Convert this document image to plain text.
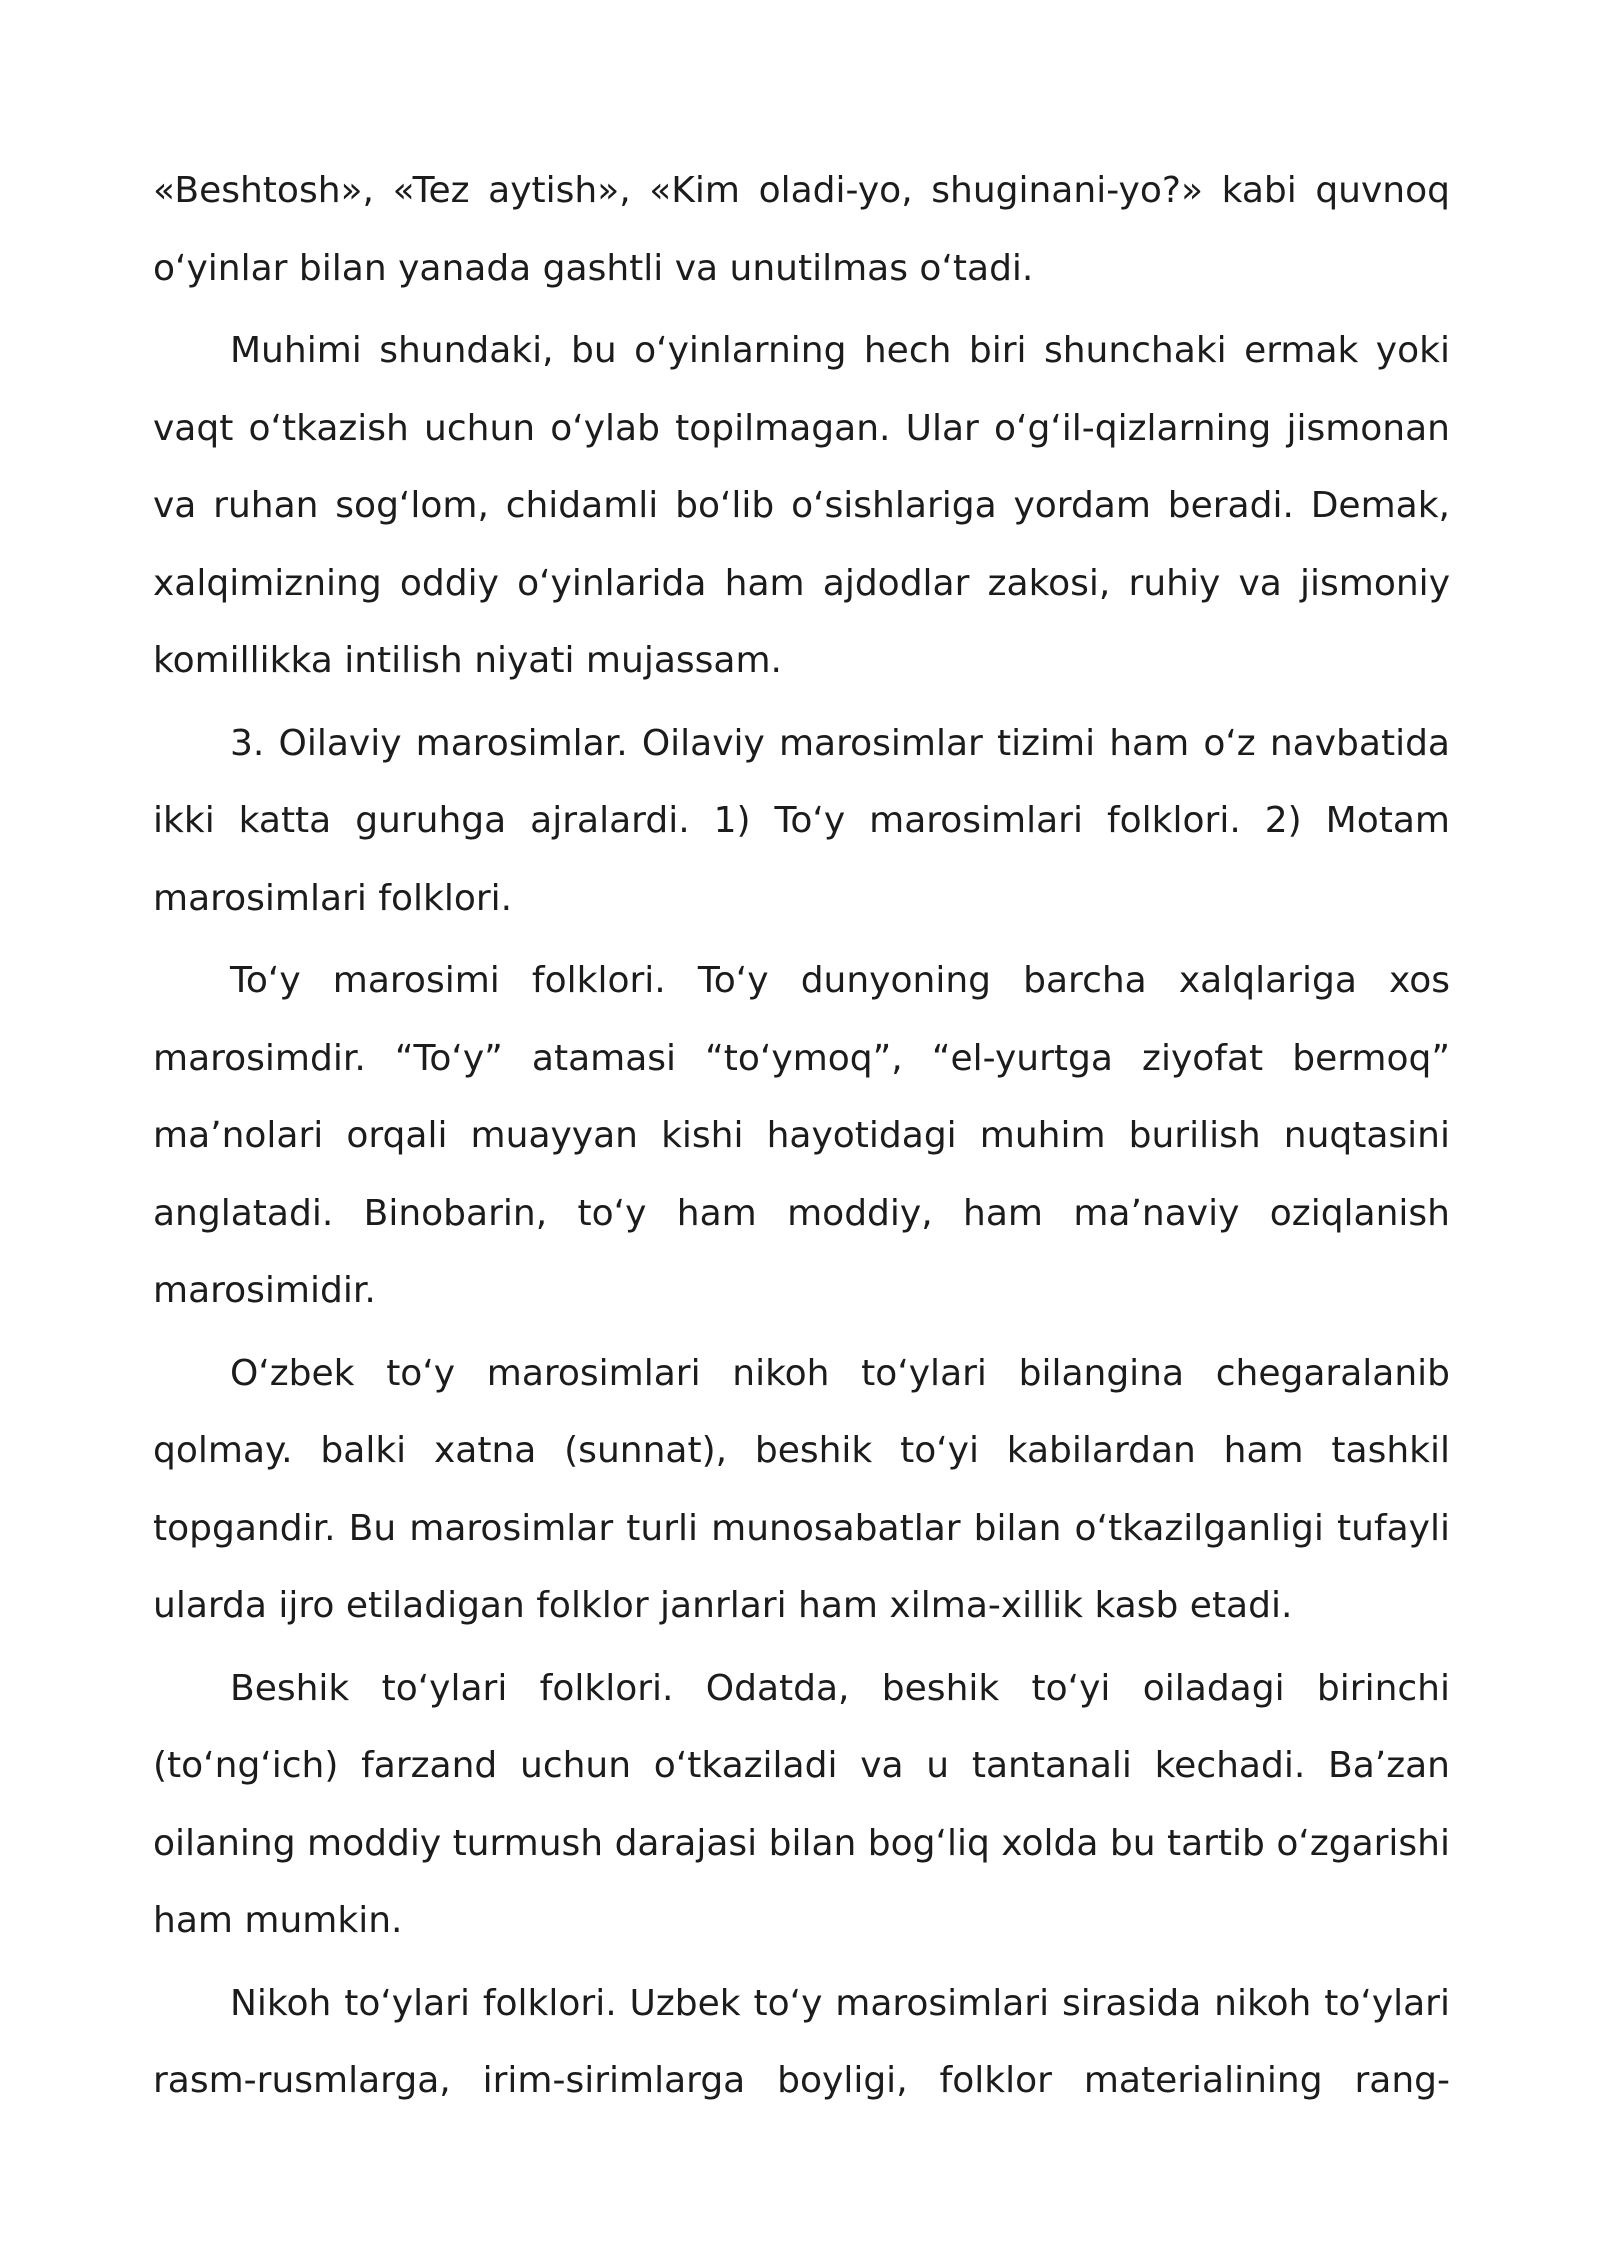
«Beshtosh», «Tez aytish», «Kim oladi-yo, shuginani-yo?» kabi quvnoq oʻyinlar bilan yanada gashtli va unutilmas oʻtadi.

Muhimi shundaki, bu oʻyinlarning hech biri shunchaki ermak yoki vaqt oʻtkazish uchun oʻylab topilmagan. Ular oʻgʻil-qizlarning jismonan va ruhan sogʻlom, chidamli boʻlib oʻsishlariga yordam beradi. Demak, xalqimizning oddiy oʻyinlarida ham ajdodlar zakosi, ruhiy va jismoniy komillikka intilish niyati mujassam.

3. Oilaviy marosimlar. Oilaviy marosimlar tizimi ham oʻz navbatida ikki katta guruhga ajralardi. 1) Toʻy marosimlari folklori. 2) Motam marosimlari folklori.

Toʻy marosimi folklori. Toʻy dunyoning barcha xalqlariga xos marosimdir. “Toʻy” atamasi “toʻymoq”, “el-yurtga ziyofat bermoq” maʼnolari orqali muayyan kishi hayotidagi muhim burilish nuqtasini anglatadi. Binobarin, toʻy ham moddiy, ham maʼnaviy oziqlanish marosimidir.

Oʻzbek toʻy marosimlari nikoh toʻylari bilangina chegaralanib qolmay. balki xatna (sunnat), beshik toʻyi kabilardan ham tashkil topgandir. Bu marosimlar turli munosabatlar bilan oʻtkazilganligi tufayli ularda ijro etiladigan folklor janrlari ham xilma-xillik kasb etadi.

Beshik toʻylari folklori. Odatda, beshik toʻyi oiladagi birinchi (toʻngʻich) farzand uchun oʻtkaziladi va u tantanali kechadi. Baʼzan oilaning moddiy turmush darajasi bilan bogʻliq xolda bu tartib oʻzgarishi ham mumkin.

Nikoh toʻylari folklori. Uzbek toʻy marosimlari sirasida nikoh toʻylari rasm-rusmlarga, irim-sirimlarga boyligi, folklor materialining rang-
